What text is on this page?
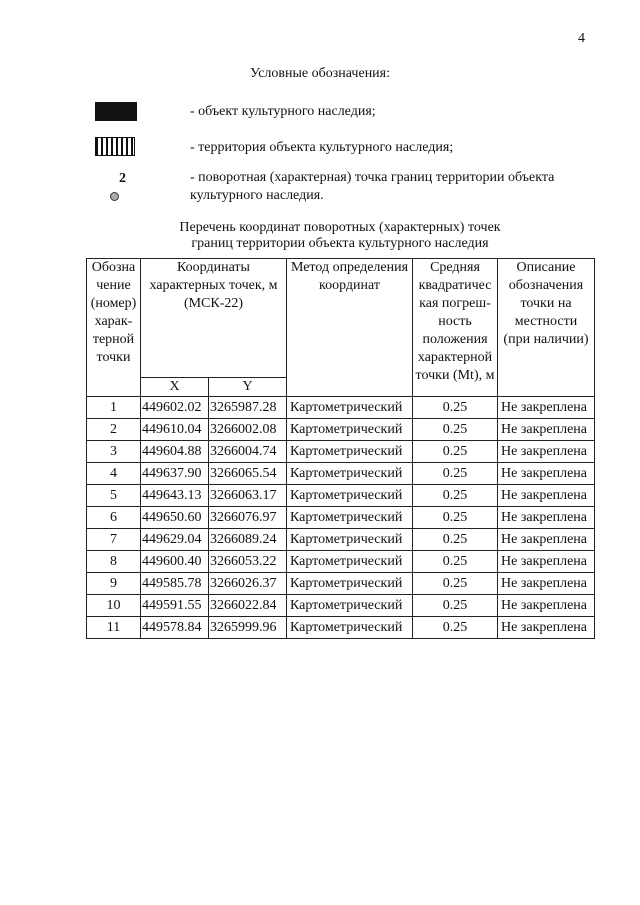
4
Условные обозначения:
- объект культурного наследия;
- территория объекта культурного наследия;
2	- поворотная (характерная) точка границ территории объекта культурного наследия.
Перечень координат поворотных (характерных) точек
границ территории объекта культурного наследия
Обозна чение (номер) харак- терной точки	Координаты характерных точек, м (МСК-22)		Метод определения координат	Средняя квадратичес кая погреш- ность положения характерной точки (Mt), м	Описание обозначения точки на местности (при наличии)
	X	Y			
1	449602.02	3265987.28	Картометрический	0.25	Не закреплена
2	449610.04	3266002.08	Картометрический	0.25	Не закреплена
3	449604.88	3266004.74	Картометрический	0.25	Не закреплена
4	449637.90	3266065.54	Картометрический	0.25	Не закреплена
5	449643.13	3266063.17	Картометрический	0.25	Не закреплена
6	449650.60	3266076.97	Картометрический	0.25	Не закреплена
7	449629.04	3266089.24	Картометрический	0.25	Не закреплена
8	449600.40	3266053.22	Картометрический	0.25	Не закреплена
9	449585.78	3266026.37	Картометрический	0.25	Не закреплена
10	449591.55	3266022.84	Картометрический	0.25	Не закреплена
11	449578.84	3265999.96	Картометрический	0.25	Не закреплена
